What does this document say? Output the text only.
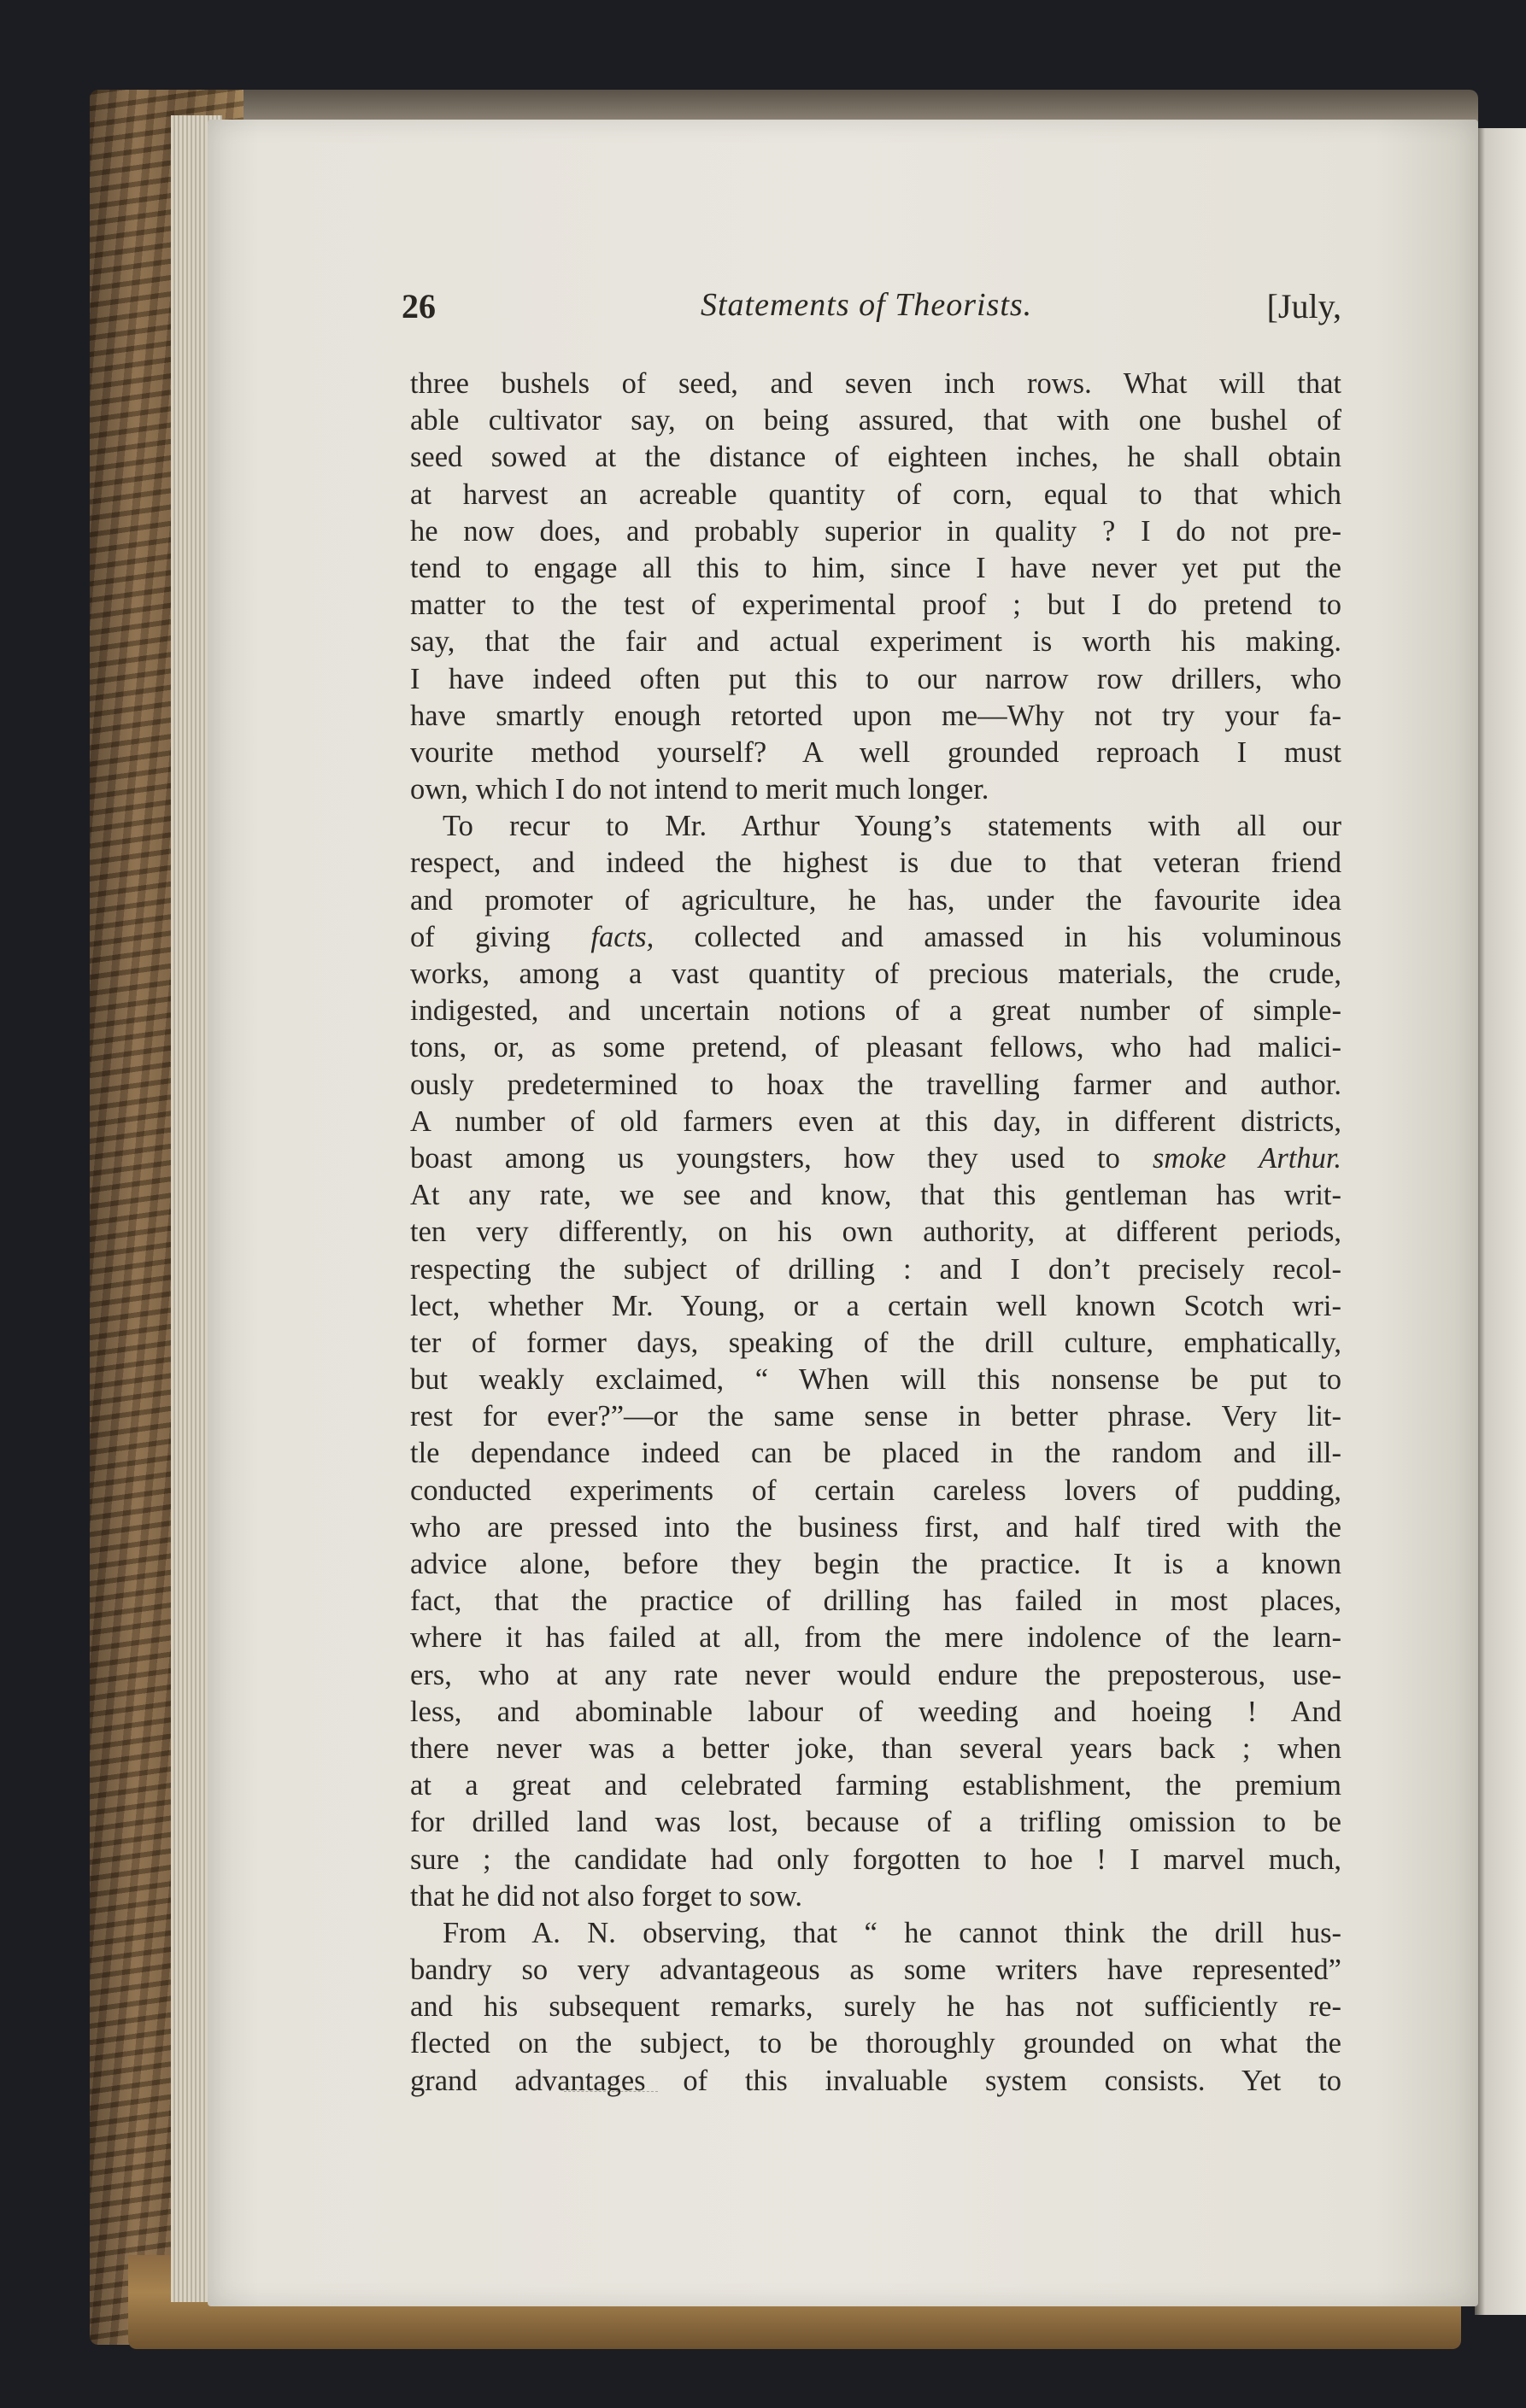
26	Statements of Theorists.	[July,
three bushels of seed, and seven inch rows. What will that
able cultivator say, on being assured, that with one bushel of
seed sowed at the distance of eighteen inches, he shall obtain
at harvest an acreable quantity of corn, equal to that which
he now does, and probably superior in quality ? I do not pre-
tend to engage all this to him, since I have never yet put the
matter to the test of experimental proof ; but I do pretend to
say, that the fair and actual experiment is worth his making.
I have indeed often put this to our narrow row drillers, who
have smartly enough retorted upon me—Why not try your fa-
vourite method yourself? A well grounded reproach I must
own, which I do not intend to merit much longer.
To recur to Mr. Arthur Young’s statements with all our
respect, and indeed the highest is due to that veteran friend
and promoter of agriculture, he has, under the favourite idea
of giving facts, collected and amassed in his voluminous
works, among a vast quantity of precious materials, the crude,
indigested, and uncertain notions of a great number of simple-
tons, or, as some pretend, of pleasant fellows, who had malici-
ously predetermined to hoax the travelling farmer and author.
A number of old farmers even at this day, in different districts,
boast among us youngsters, how they used to smoke Arthur.
At any rate, we see and know, that this gentleman has writ-
ten very differently, on his own authority, at different periods,
respecting the subject of drilling : and I don’t precisely recol-
lect, whether Mr. Young, or a certain well known Scotch wri-
ter of former days, speaking of the drill culture, emphatically,
but weakly exclaimed, “ When will this nonsense be put to
rest for ever?”—or the same sense in better phrase. Very lit-
tle dependance indeed can be placed in the random and ill-
conducted experiments of certain careless lovers of pudding,
who are pressed into the business first, and half tired with the
advice alone, before they begin the practice. It is a known
fact, that the practice of drilling has failed in most places,
where it has failed at all, from the mere indolence of the learn-
ers, who at any rate never would endure the preposterous, use-
less, and abominable labour of weeding and hoeing ! And
there never was a better joke, than several years back ; when
at a great and celebrated farming establishment, the premium
for drilled land was lost, because of a trifling omission to be
sure ; the candidate had only forgotten to hoe ! I marvel much,
that he did not also forget to sow.
From A. N. observing, that “ he cannot think the drill hus-
bandry so very advantageous as some writers have represented”
and his subsequent remarks, surely he has not sufficiently re-
flected on the subject, to be thoroughly grounded on what the
grand advantages of this invaluable system consists. Yet to
